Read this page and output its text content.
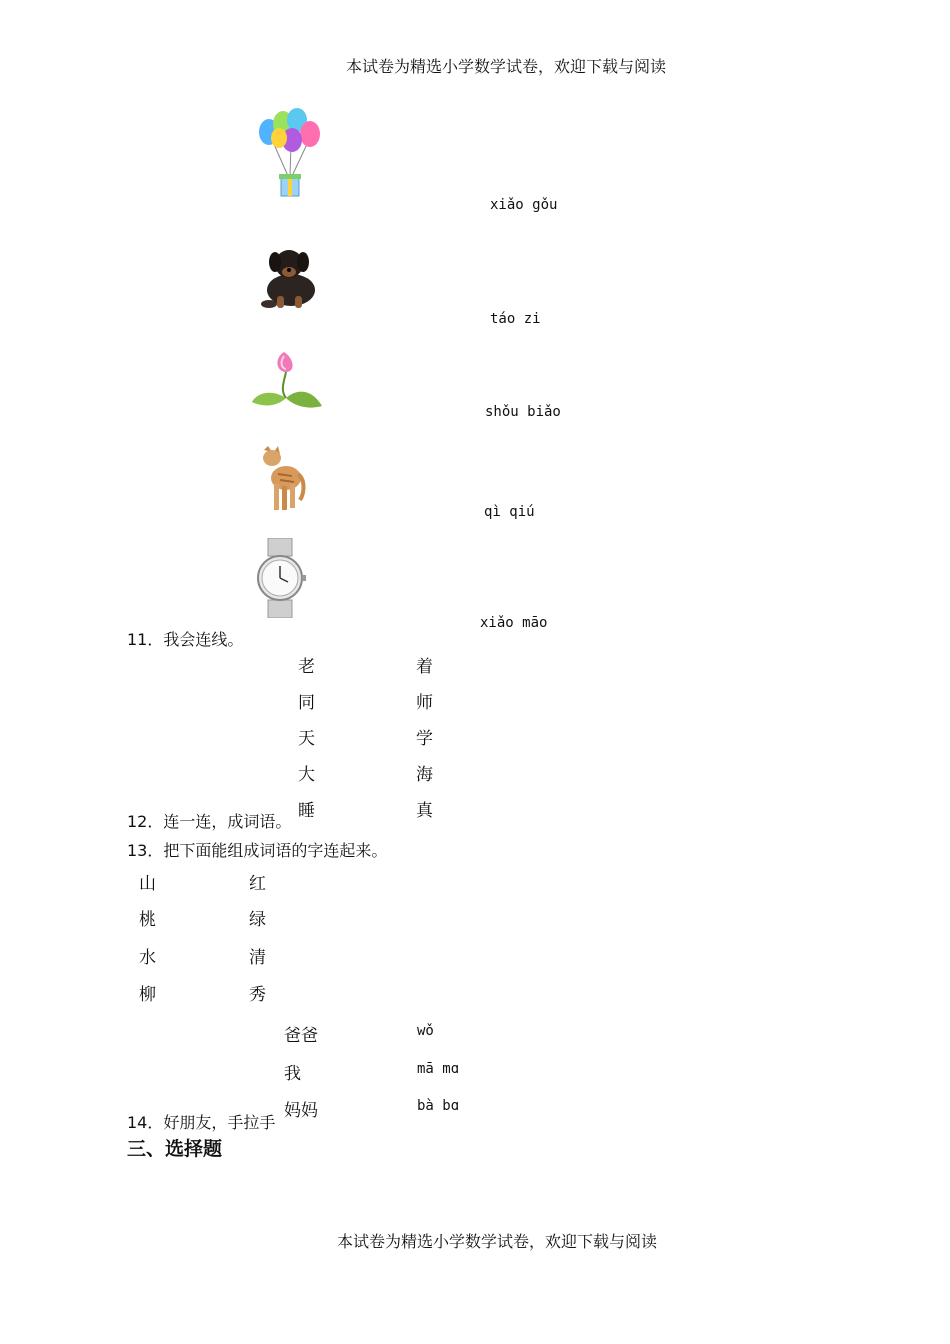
本试卷为精选小学数学试卷，欢迎下载与阅读
xiǎo gǒu
táo zi
shǒu biǎo
qì qiú
xiǎo māo
11．我会连线。
老
同
天
大
睡
着
师
学
海
真
12．连一连，成词语。
13．把下面能组成词语的字连起来。
山
桃
水
柳
红
绿
清
秀
爸爸
我
妈妈
wǒ
mā mɑ
bà bɑ
14．好朋友，手拉手
三、选择题
本试卷为精选小学数学试卷，欢迎下载与阅读
